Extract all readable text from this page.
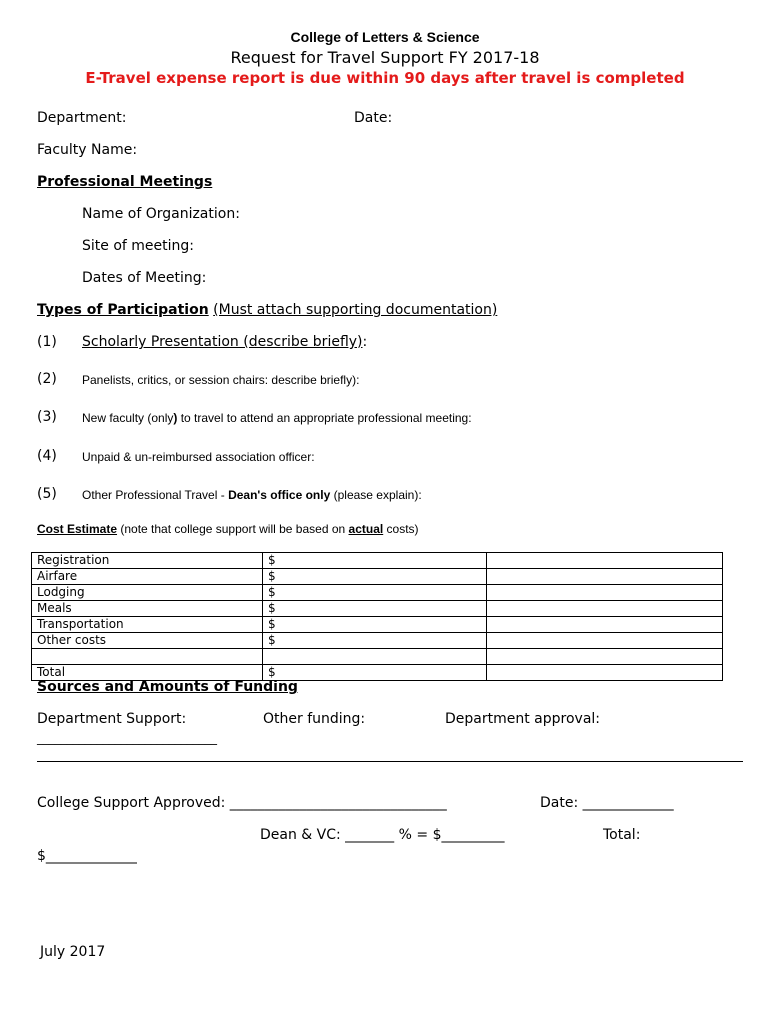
College of Letters & Science
Request for Travel Support FY 2017-18
E-Travel expense report is due within 90 days after travel is completed
Department:	Date:
Faculty Name:
Professional Meetings
Name of Organization:
Site of meeting:
Dates of Meeting:
Types of Participation (Must attach supporting documentation)
(1) Scholarly Presentation (describe briefly):
(2) Panelists, critics, or session chairs: describe briefly):
(3) New faculty (only) to travel to attend an appropriate professional meeting:
(4) Unpaid & un-reimbursed association officer:
(5) Other Professional Travel - Dean's office only (please explain):
Cost Estimate (note that college support will be based on actual costs)
Registration	$	
Airfare	$	
Lodging	$	
Meals	$	
Transportation	$	
Other costs	$	

Total	$	
Sources and Amounts of Funding
Department Support:	Other funding:	Department approval:
______________________________
College Support Approved: _______________________________	Date: _____________
Dean & VC: _______ % = $_________	Total:
$_____________
July 2017
